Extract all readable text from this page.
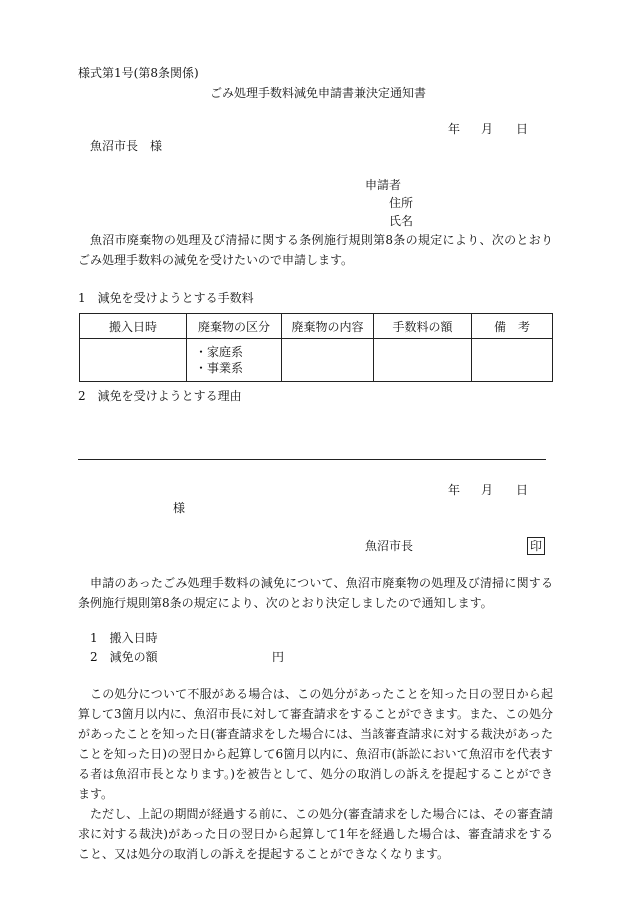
様式第1号(第8条関係)
ごみ処理手数料減免申請書兼決定通知書
年 月 日
魚沼市長　様
申請者
住所
氏名

魚沼市廃棄物の処理及び清掃に関する条例施行規則第8条の規定により、次のとおりごみ処理手数料の減免を受けたいので申請します。

1　減免を受けようとする手数料
搬入日時	廃棄物の区分	廃棄物の内容	手数料の額	備　考

	・家庭系
・事業系			

2　減免を受けようとする理由
年 月 日
様
魚沼市長	印

申請のあったごみ処理手数料の減免について、魚沼市廃棄物の処理及び清掃に関する条例施行規則第8条の規定により、次のとおり決定しましたので通知します。

1　搬入日時
2　減免の額	円

この処分について不服がある場合は、この処分があったことを知った日の翌日から起算して3箇月以内に、魚沼市長に対して審査請求をすることができます。また、この処分があったことを知った日(審査請求をした場合には、当該審査請求に対する裁決があったことを知った日)の翌日から起算して6箇月以内に、魚沼市(訴訟において魚沼市を代表する者は魚沼市長となります。)を被告として、処分の取消しの訴えを提起することができます。

ただし、上記の期間が経過する前に、この処分(審査請求をした場合には、その審査請求に対する裁決)があった日の翌日から起算して1年を経過した場合は、審査請求をすること、又は処分の取消しの訴えを提起することができなくなります。
